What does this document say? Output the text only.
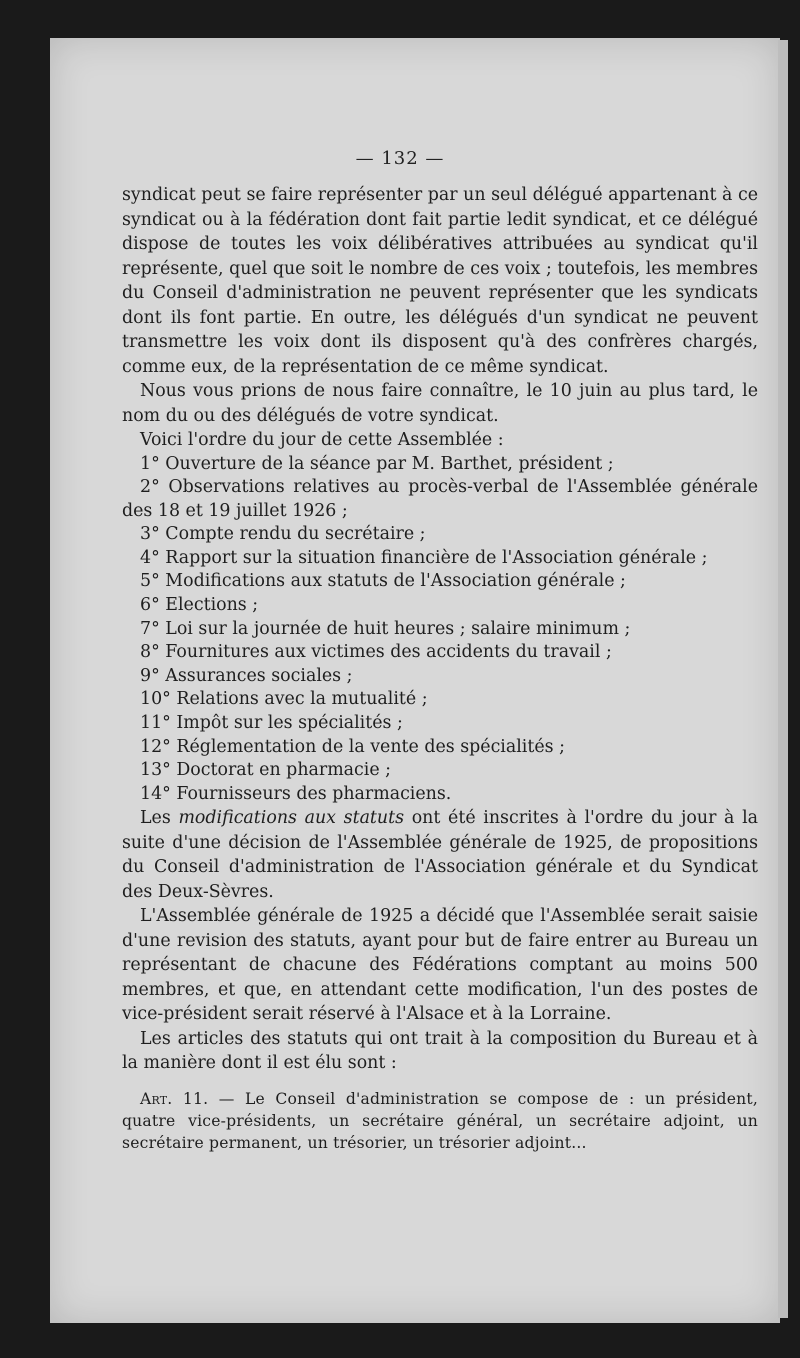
— 132 —

syndicat peut se faire représenter par un seul délégué appartenant à ce syndicat ou à la fédération dont fait partie ledit syndicat, et ce délégué dispose de toutes les voix délibératives attribuées au syndicat qu'il représente, quel que soit le nombre de ces voix ; toutefois, les membres du Conseil d'administration ne peuvent représenter que les syndicats dont ils font partie. En outre, les délégués d'un syndicat ne peuvent transmettre les voix dont ils disposent qu'à des confrères chargés, comme eux, de la représentation de ce même syndicat.

Nous vous prions de nous faire connaître, le 10 juin au plus tard, le nom du ou des délégués de votre syndicat.

Voici l'ordre du jour de cette Assemblée :

1° Ouverture de la séance par M. Barthet, président ;
2° Observations relatives au procès-verbal de l'Assemblée générale des 18 et 19 juillet 1926 ;
3° Compte rendu du secrétaire ;
4° Rapport sur la situation financière de l'Association générale ;
5° Modifications aux statuts de l'Association générale ;
6° Elections ;
7° Loi sur la journée de huit heures ; salaire minimum ;
8° Fournitures aux victimes des accidents du travail ;
9° Assurances sociales ;
10° Relations avec la mutualité ;
11° Impôt sur les spécialités ;
12° Réglementation de la vente des spécialités ;
13° Doctorat en pharmacie ;
14° Fournisseurs des pharmaciens.

Les modifications aux statuts ont été inscrites à l'ordre du jour à la suite d'une décision de l'Assemblée générale de 1925, de propositions du Conseil d'administration de l'Association générale et du Syndicat des Deux-Sèvres.

L'Assemblée générale de 1925 a décidé que l'Assemblée serait saisie d'une revision des statuts, ayant pour but de faire entrer au Bureau un représentant de chacune des Fédérations comptant au moins 500 membres, et que, en attendant cette modification, l'un des postes de vice-président serait réservé à l'Alsace et à la Lorraine.

Les articles des statuts qui ont trait à la composition du Bureau et à la manière dont il est élu sont :

Art. 11. — Le Conseil d'administration se compose de : un président, quatre vice-présidents, un secrétaire général, un secrétaire adjoint, un secrétaire permanent, un trésorier, un trésorier adjoint...
